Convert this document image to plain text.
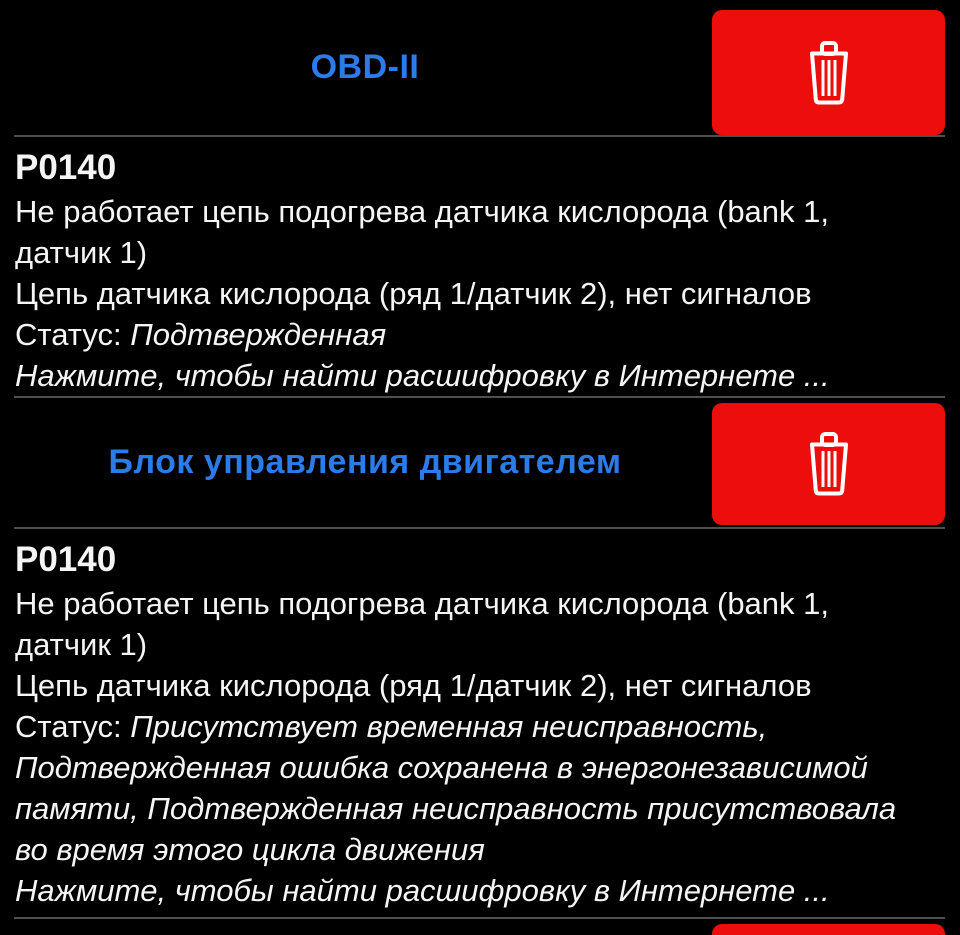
OBD-II
P0140
Не работает цепь подогрева датчика кислорода (bank 1, датчик 1)
Цепь датчика кислорода (ряд 1/датчик 2), нет сигналов
Статус: Подтвержденная
Нажмите, чтобы найти расшифровку в Интернете ...
Блок управления двигателем
P0140
Не работает цепь подогрева датчика кислорода (bank 1, датчик 1)
Цепь датчика кислорода (ряд 1/датчик 2), нет сигналов
Статус: Присутствует временная неисправность, Подтвержденная ошибка сохранена в энергонезависимой памяти, Подтвержденная неисправность присутствовала во время этого цикла движения
Нажмите, чтобы найти расшифровку в Интернете ...
